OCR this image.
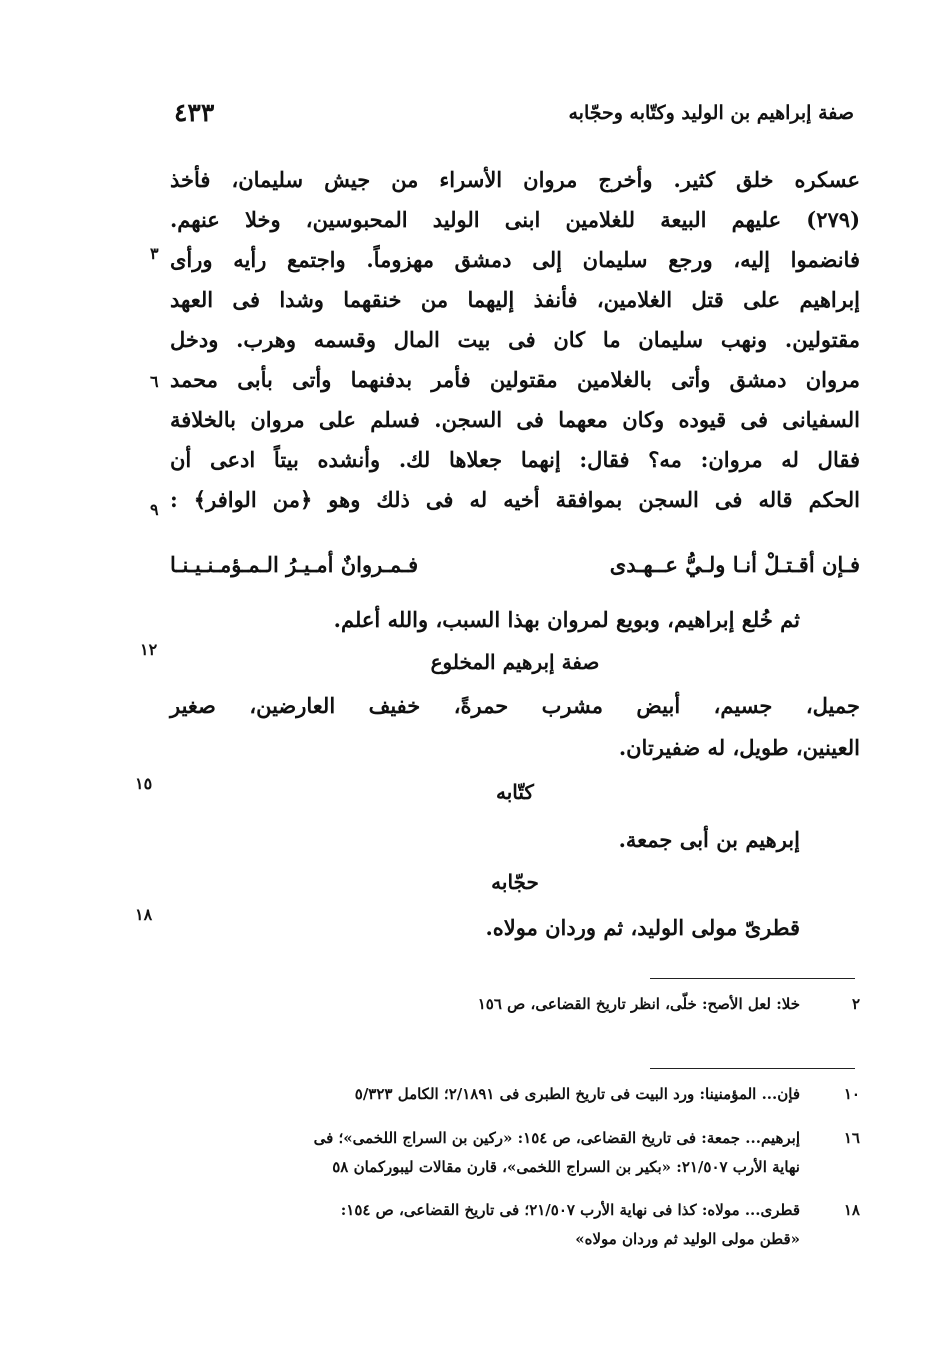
٤٣٣	صفة إبراهيم بن الوليد وكتّابه وحجّابه
عسكره خلق كثير. وأخرج مروان الأسراء من جيش سليمان، فأخذ
(٢٧٩) عليهم البيعة للغلامين ابنى الوليد المحبوسين، وخلا عنهم.
فانضموا إليه، ورجع سليمان إلى دمشق مهزوماً. واجتمع رأيه ورأى
إبراهيم على قتل الغلامين، فأنفذ إليهما من خنقهما وشدا فى العهد
مقتولين. ونهب سليمان ما كان فى بيت المال وقسمه وهرب. ودخل
مروان دمشق وأتى بالغلامين مقتولين فأمر بدفنهما وأتى بأبى محمد
السفيانى فى قيوده وكان معهما فى السجن. فسلم على مروان بالخلافة
فقال له مروان: مه؟ فقال: إنهما جعلاها لك. وأنشده بيتاً ادعى أن
الحكم قاله فى السجن بموافقة أخيه له فى ذلك وهو ﴿من الوافر﴾ :
٣
٦
٩
١٢
١٥
١٨
فـإن أقـتـلْ أنـا ولـيُّ عــهـدى
فـمـروانٌ أمـيـرُ الـمـؤمـنـيـنـا
ثم خُلع إبراهيم، وبويع لمروان بهذا السبب، والله أعلم.
صفة إبرهيم المخلوع
جميل، جسيم، أبيض مشرب حمرةً، خفيف العارضين، صغير
العينين، طويل، له ضفيرتان.
كتّابه
إبرهيم بن أبى جمعة.
حجّابه
قطرىّ مولى الوليد، ثم وردان مولاه.
٢
خلا: لعل الأصح: خلّى، انظر تاريخ القضاعى، ص ١٥٦
١٠
فإن... المؤمنينا: ورد البيت فى تاريخ الطبرى فى ٢/١٨٩١؛ الكامل ٥/٣٢٣
١٦
إبرهيم... جمعة: فى تاريخ القضاعى، ص ١٥٤: «ركين بن السراج اللخمى»؛ فى
نهاية الأرب ٢١/٥٠٧: «بكير بن السراج اللخمى»، قارن مقالات ليبوركمان ٥٨
١٨
قطرى... مولاه: كذا فى نهاية الأرب ٢١/٥٠٧؛ فى تاريخ القضاعى، ص ١٥٤:
«قطن مولى الوليد ثم وردان مولاه»
